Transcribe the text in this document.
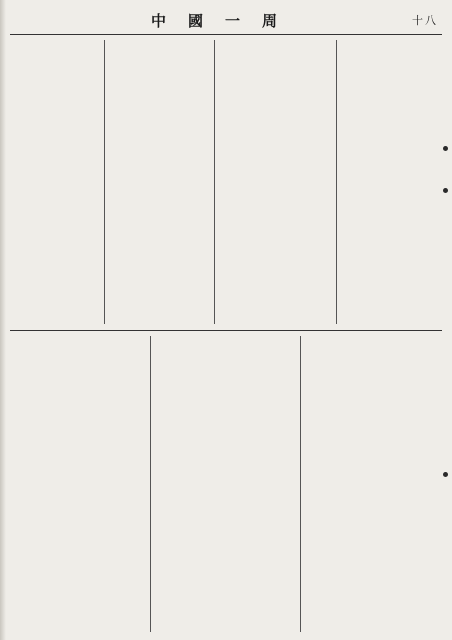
中國一周	十八
